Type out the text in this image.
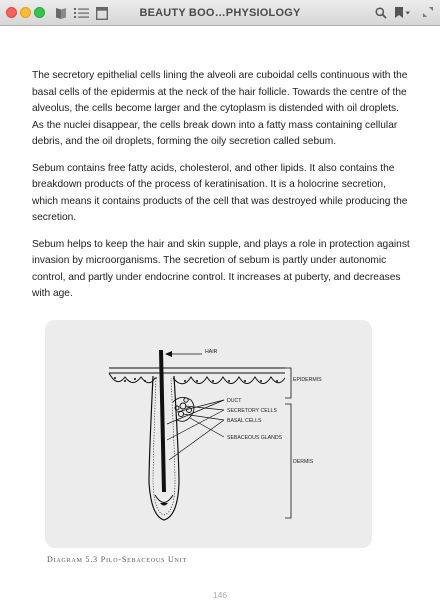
BEAUTY BOO…PHYSIOLOGY

The secretory epithelial cells lining the alveoli are cuboidal cells continuous with the basal cells of the epidermis at the neck of the hair follicle. Towards the centre of the alveolus, the cells become larger and the cytoplasm is distended with oil droplets. As the nuclei disappear, the cells break down into a fatty mass containing cellular debris, and the oil droplets, forming the oily secretion called sebum.

Sebum contains free fatty acids, cholesterol, and other lipids. It also contains the breakdown products of the process of keratinisation. It is a holocrine secretion, which means it contains products of the cell that was destroyed while producing the secretion.

Sebum helps to keep the hair and skin supple, and plays a role in protection against invasion by microorganisms. The secretion of sebum is partly under autonomic control, and partly under endocrine control. It increases at puberty, and decreases with age.

HAIR
EPIDERMIS
DUCT
SECRETORY CELLS
BASAL CELLS
SEBACEOUS GLANDS
DERMIS
Diagram 5.3 Pilo-Sebaceous Unit
146
